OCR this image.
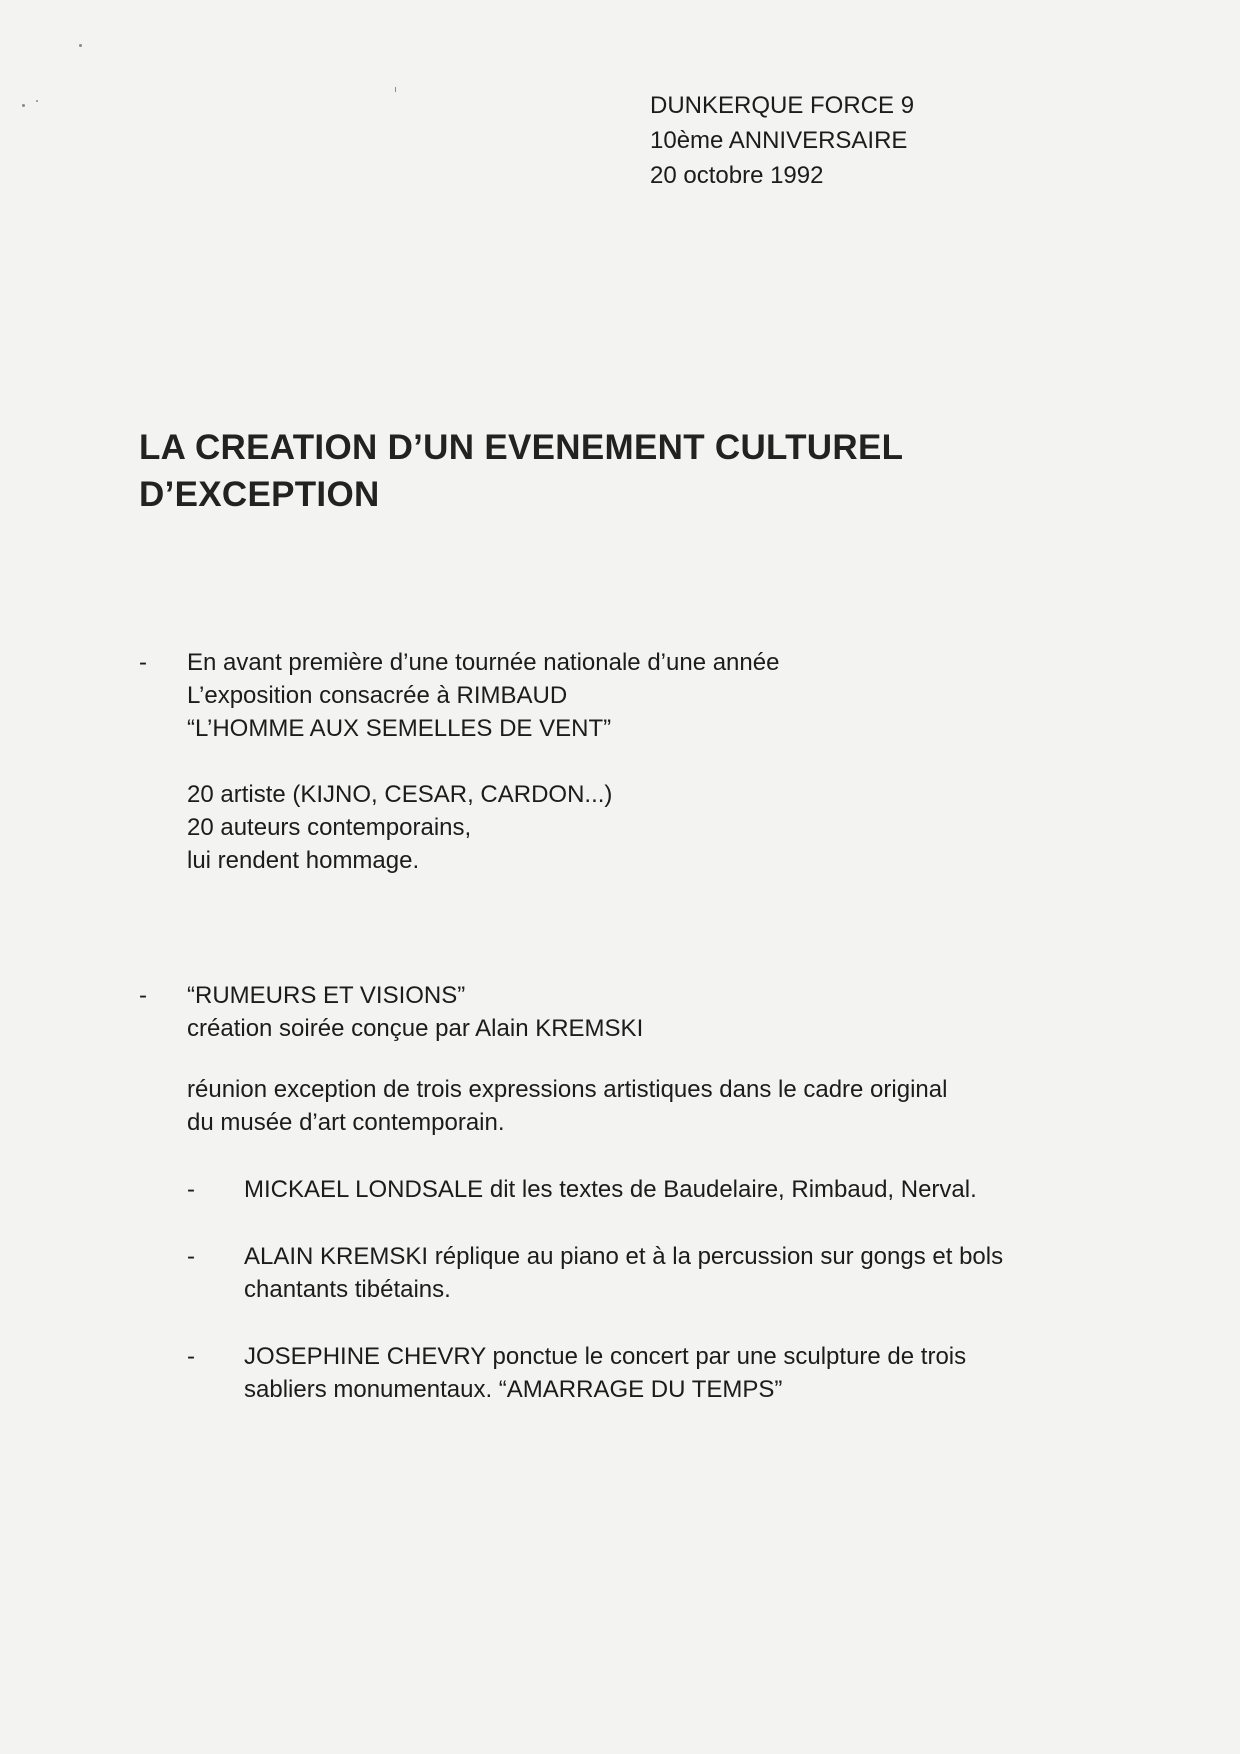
DUNKERQUE FORCE 9
10ème ANNIVERSAIRE
20 octobre 1992
LA CREATION D’UN EVENEMENT CULTUREL
D’EXCEPTION
- En avant première d’une tournée nationale d’une année
L’exposition consacrée à RIMBAUD
“L’HOMME AUX SEMELLES DE VENT”
20 artiste (KIJNO, CESAR, CARDON...)
20 auteurs contemporains,
lui rendent hommage.
- “RUMEURS ET VISIONS”
création soirée conçue par Alain KREMSKI
réunion exception de trois expressions artistiques dans le cadre original
du musée d’art contemporain.
- MICKAEL LONDSALE dit les textes de Baudelaire, Rimbaud, Nerval.
- ALAIN KREMSKI réplique au piano et à la percussion sur gongs et bols
chantants tibétains.
- JOSEPHINE CHEVRY ponctue le concert par une sculpture de trois
sabliers monumentaux. “AMARRAGE DU TEMPS”
